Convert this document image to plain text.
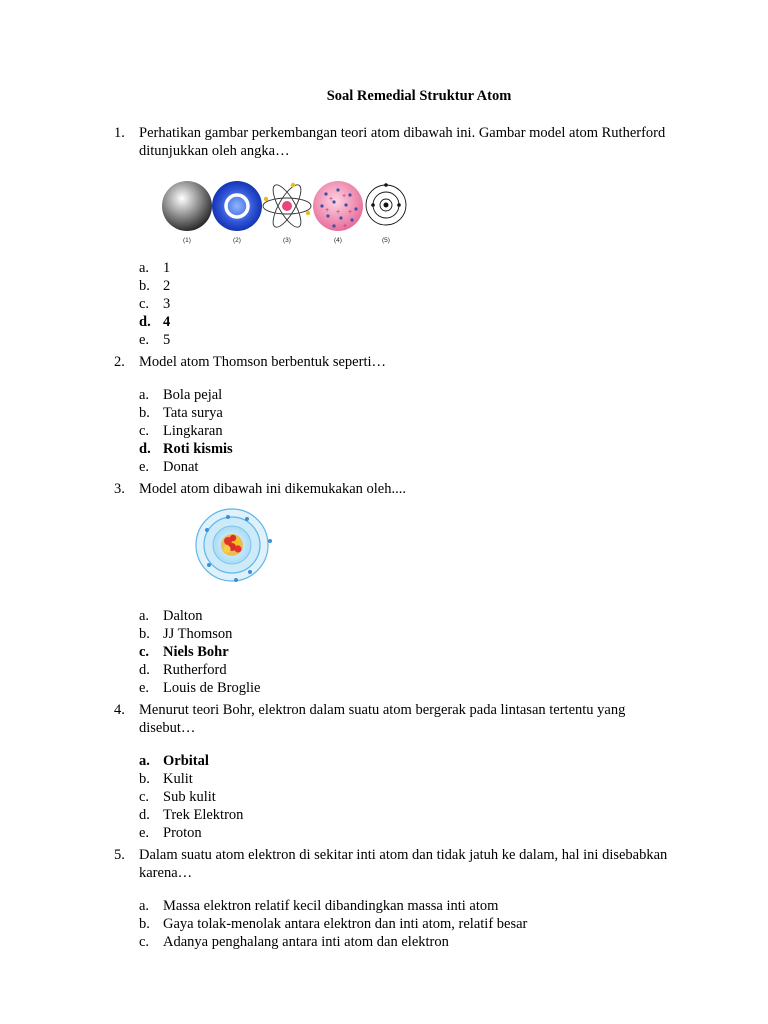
Soal Remedial Struktur Atom
1. Perhatikan gambar perkembangan teori atom dibawah ini. Gambar model atom Rutherford ditunjukkan oleh angka…
+ +
+	+
+
+
(1)	(2)	(3)	(4)	(5)
a. 1
b. 2
c. 3
d. 4
e. 5
2. Model atom Thomson berbentuk seperti…
a. Bola pejal
b. Tata surya
c. Lingkaran
d. Roti kismis
e. Donat
3. Model atom dibawah ini dikemukakan oleh....
a. Dalton
b. JJ Thomson
c. Niels Bohr
d. Rutherford
e. Louis de Broglie
4. Menurut teori Bohr, elektron dalam suatu atom bergerak pada lintasan tertentu yang disebut…
a. Orbital
b. Kulit
c. Sub kulit
d. Trek Elektron
e. Proton
5. Dalam suatu atom elektron di sekitar inti atom dan tidak jatuh ke dalam, hal ini disebabkan karena…
a. Massa elektron relatif kecil dibandingkan massa inti atom
b. Gaya tolak-menolak antara elektron dan inti atom, relatif besar
c. Adanya penghalang antara inti atom dan elektron
